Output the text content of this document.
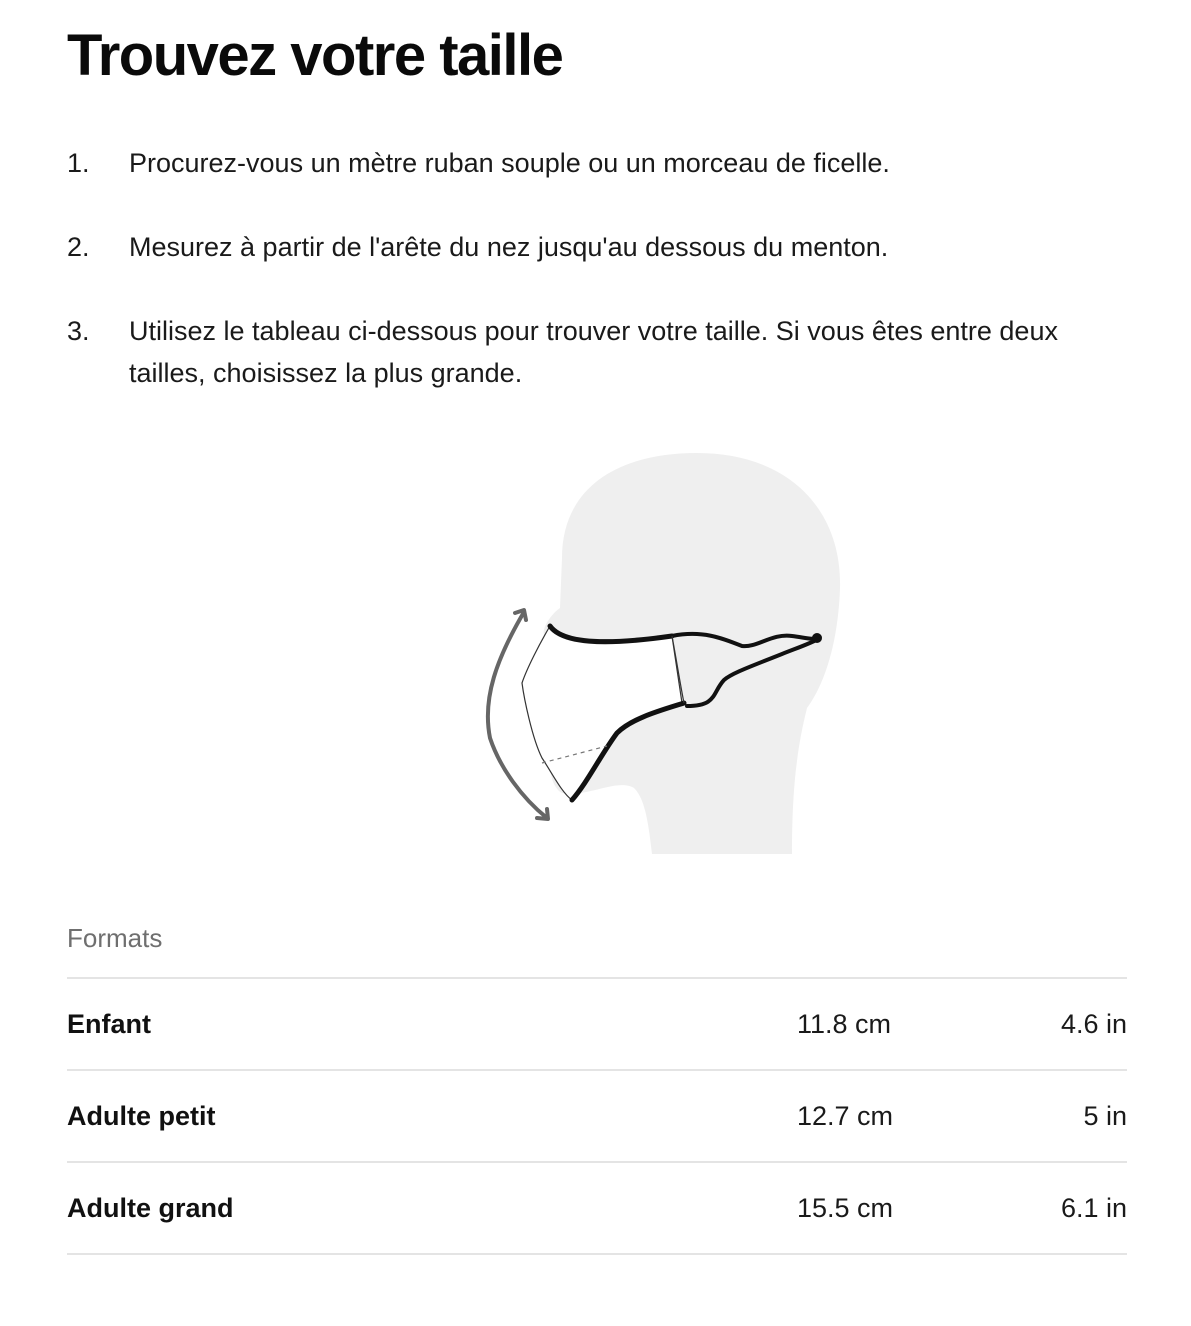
Trouvez votre taille
1.	Procurez-vous un mètre ruban souple ou un morceau de ficelle.
2.	Mesurez à partir de l'arête du nez jusqu'au dessous du menton.
3.	Utilisez le tableau ci-dessous pour trouver votre taille. Si vous êtes entre deux tailles, choisissez la plus grande.
Formats
Enfant	11.8 cm	4.6 in
Adulte petit	12.7 cm	5 in
Adulte grand	15.5 cm	6.1 in
